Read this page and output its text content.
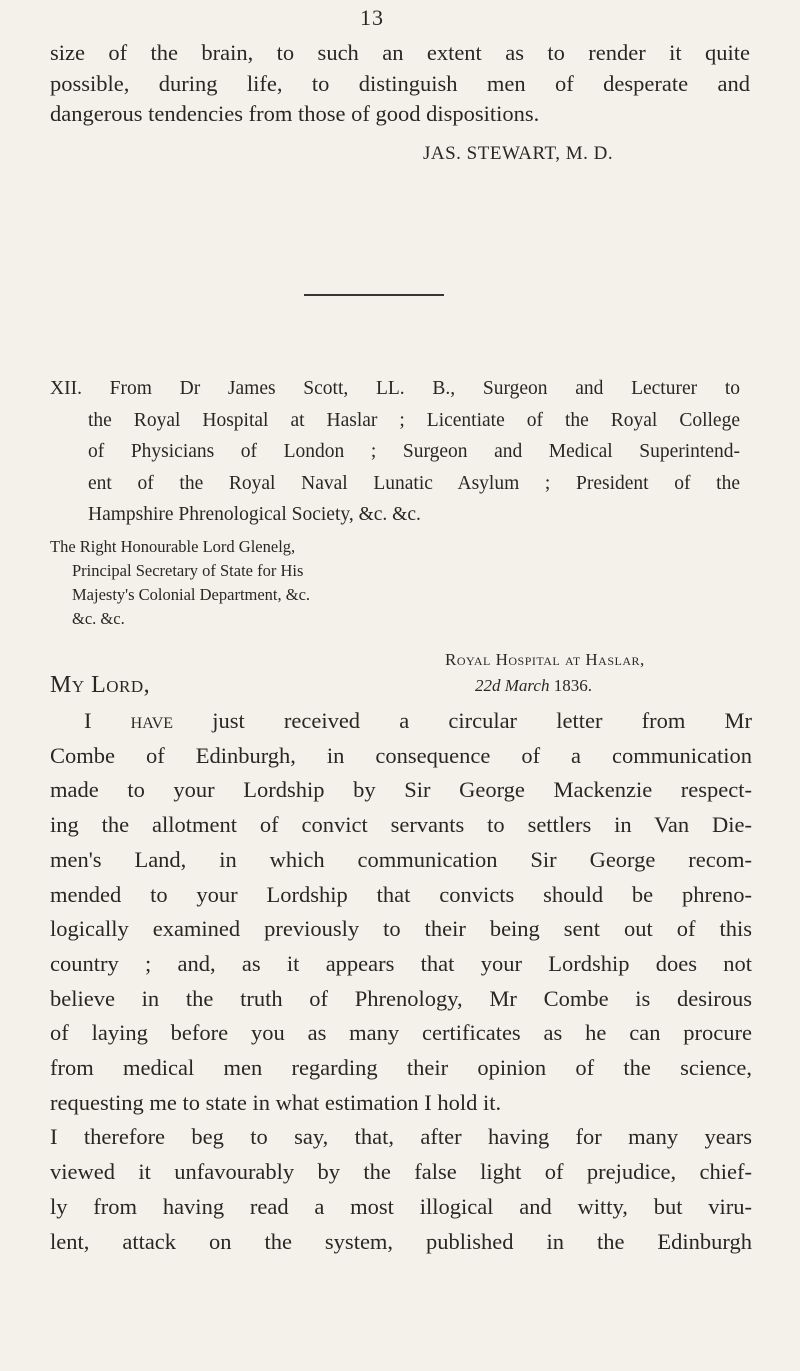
13
size of the brain, to such an extent as to render it quite
possible, during life, to distinguish men of desperate and
dangerous tendencies from those of good dispositions.
JAS. STEWART, M. D.
XII. From Dr James Scott, LL. B., Surgeon and Lecturer to
the Royal Hospital at Haslar ; Licentiate of the Royal College
of Physicians of London ; Surgeon and Medical Superintend-
ent of the Royal Naval Lunatic Asylum ; President of the
Hampshire Phrenological Society, &c. &c.
The Right Honourable Lord Glenelg,
Principal Secretary of State for His
Majesty's Colonial Department, &c.
&c. &c.
Royal Hospital at Haslar,
My Lord,	22d March 1836.
I have just received a circular letter from Mr
Combe of Edinburgh, in consequence of a communication
made to your Lordship by Sir George Mackenzie respect-
ing the allotment of convict servants to settlers in Van Die-
men's Land, in which communication Sir George recom-
mended to your Lordship that convicts should be phreno-
logically examined previously to their being sent out of this
country ; and, as it appears that your Lordship does not
believe in the truth of Phrenology, Mr Combe is desirous
of laying before you as many certificates as he can procure
from medical men regarding their opinion of the science,
requesting me to state in what estimation I hold it.
I therefore beg to say, that, after having for many years
viewed it unfavourably by the false light of prejudice, chief-
ly from having read a most illogical and witty, but viru-
lent, attack on the system, published in the Edinburgh
